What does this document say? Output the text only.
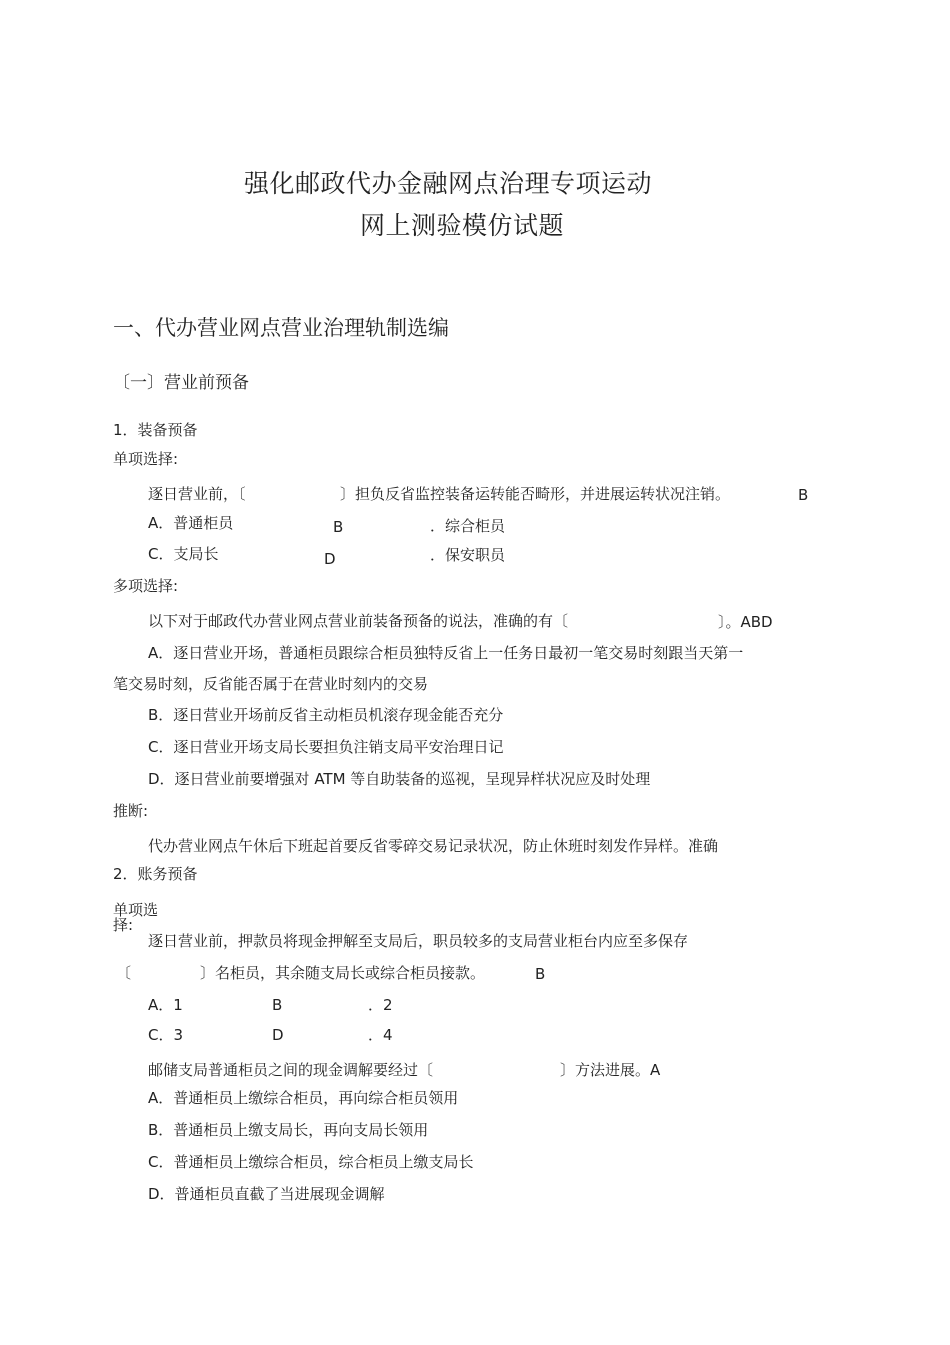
强化邮政代办金融网点治理专项运动
网上测验模仿试题
一、代办营业网点营业治理轨制选编
〔一〕营业前预备
1．装备预备
单项选择:
逐日营业前，〔	〕担负反省监控装备运转能否畸形，并进展运转状况注销。	B
A．普通柜员	B	．综合柜员
C．支局长	D	．保安职员
多项选择:
以下对于邮政代办营业网点营业前装备预备的说法，准确的有〔	〕。ABD
A．逐日营业开场，普通柜员跟综合柜员独特反省上一任务日最初一笔交易时刻跟当天第一
笔交易时刻，反省能否属于在营业时刻内的交易
B．逐日营业开场前反省主动柜员机滚存现金能否充分
C．逐日营业开场支局长要担负注销支局平安治理日记
D．逐日营业前要增强对 ATM 等自助装备的巡视，呈现异样状况应及时处理
推断:
代办营业网点午休后下班起首要反省零碎交易记录状况，防止休班时刻发作异样。准确
2．账务预备
单项选
择:
逐日营业前，押款员将现金押解至支局后，职员较多的支局营业柜台内应至多保存
〔	〕名柜员，其余随支局长或综合柜员接款。	B
A．1	B	．2
C．3	D	．4
邮储支局普通柜员之间的现金调解要经过〔	〕方法进展。A
A．普通柜员上缴综合柜员，再向综合柜员领用
B．普通柜员上缴支局长，再向支局长领用
C．普通柜员上缴综合柜员，综合柜员上缴支局长
D．普通柜员直截了当进展现金调解
